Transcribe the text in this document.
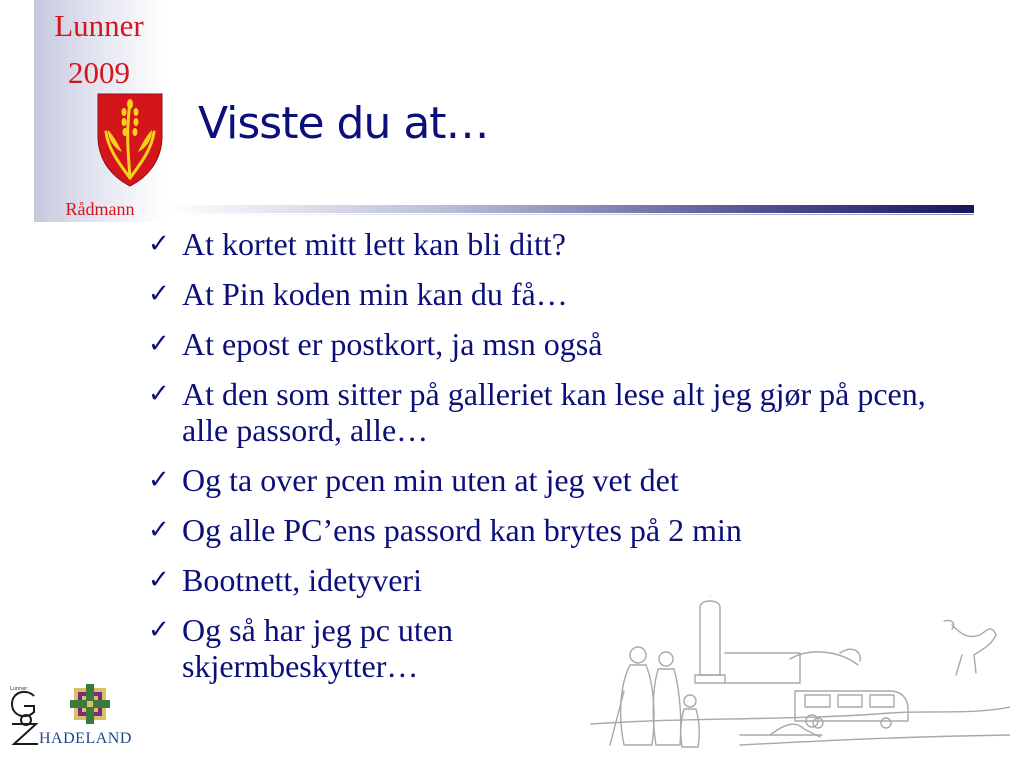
Lunner
2009
Rådmann
Visste du at…
✓ At kortet mitt lett kan bli ditt?
✓ At Pin koden min kan du få…
✓ At epost er postkort, ja msn også
✓ At den som sitter på galleriet kan lese alt jeg gjør på pcen, alle passord, alle…
✓ Og ta over pcen min uten at jeg vet det
✓ Og alle PC’ens passord kan brytes på 2 min
✓ Bootnett, idetyveri
✓ Og så har jeg pc uten skjermbeskytter…
Lunner
HADELAND
